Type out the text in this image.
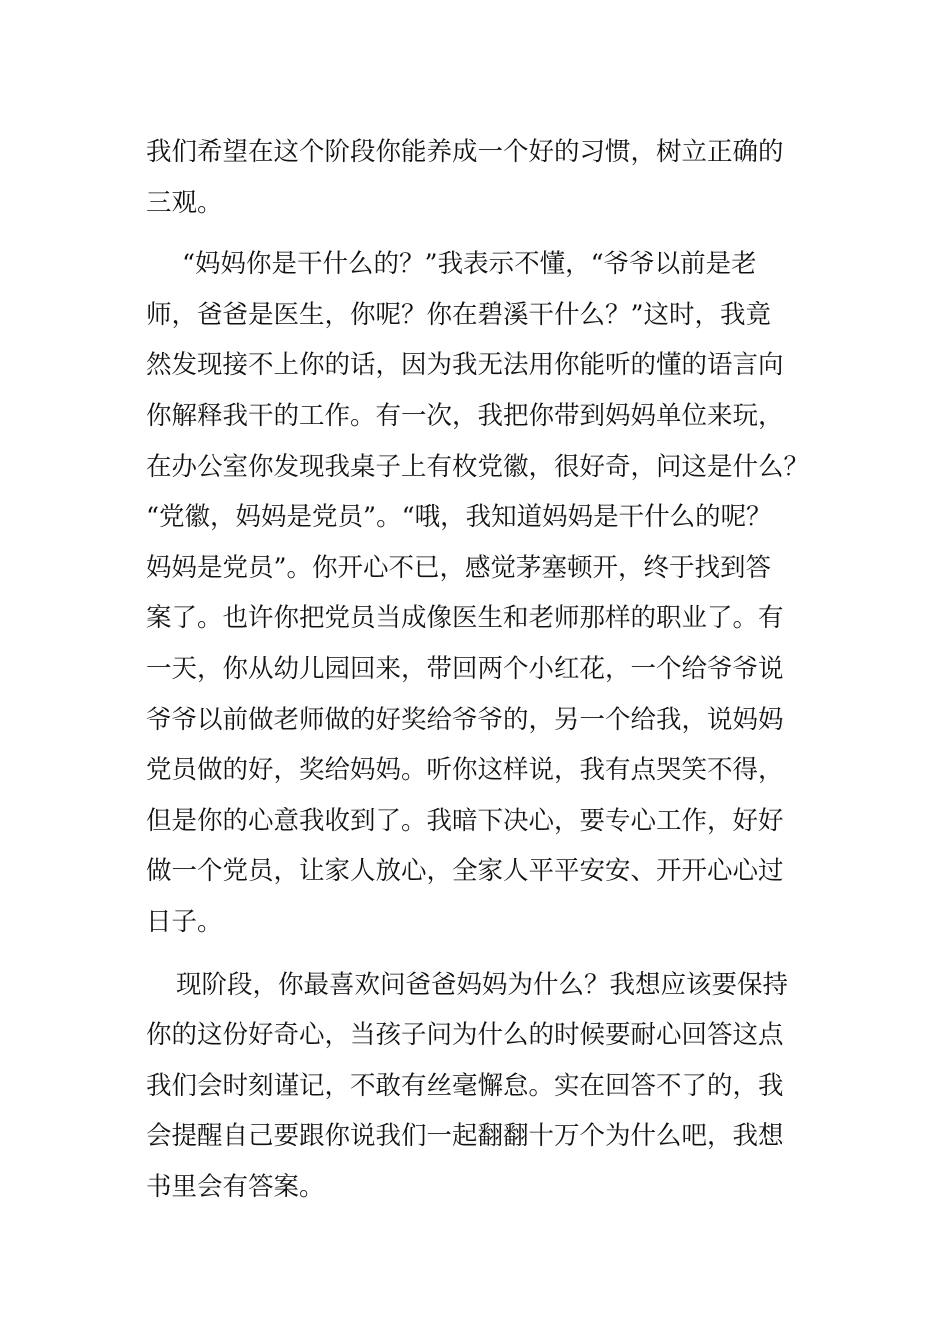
我们希望在这个阶段你能养成一个好的习惯，树立正确的
三观。
“妈妈你是干什么的？”我表示不懂，“爷爷以前是老
师，爸爸是医生，你呢？你在碧溪干什么？”这时，我竟
然发现接不上你的话，因为我无法用你能听的懂的语言向
你解释我干的工作。有一次，我把你带到妈妈单位来玩，
在办公室你发现我桌子上有枚党徽，很好奇，问这是什么？
“党徽，妈妈是党员”。“哦，我知道妈妈是干什么的呢？
妈妈是党员”。你开心不已，感觉茅塞顿开，终于找到答
案了。也许你把党员当成像医生和老师那样的职业了。有
一天，你从幼儿园回来，带回两个小红花，一个给爷爷说
爷爷以前做老师做的好奖给爷爷的，另一个给我，说妈妈
党员做的好，奖给妈妈。听你这样说，我有点哭笑不得，
但是你的心意我收到了。我暗下决心，要专心工作，好好
做一个党员，让家人放心，全家人平平安安、开开心心过
日子。
现阶段，你最喜欢问爸爸妈妈为什么？我想应该要保持
你的这份好奇心，当孩子问为什么的时候要耐心回答这点
我们会时刻谨记，不敢有丝毫懈怠。实在回答不了的，我
会提醒自己要跟你说我们一起翻翻十万个为什么吧，我想
书里会有答案。
